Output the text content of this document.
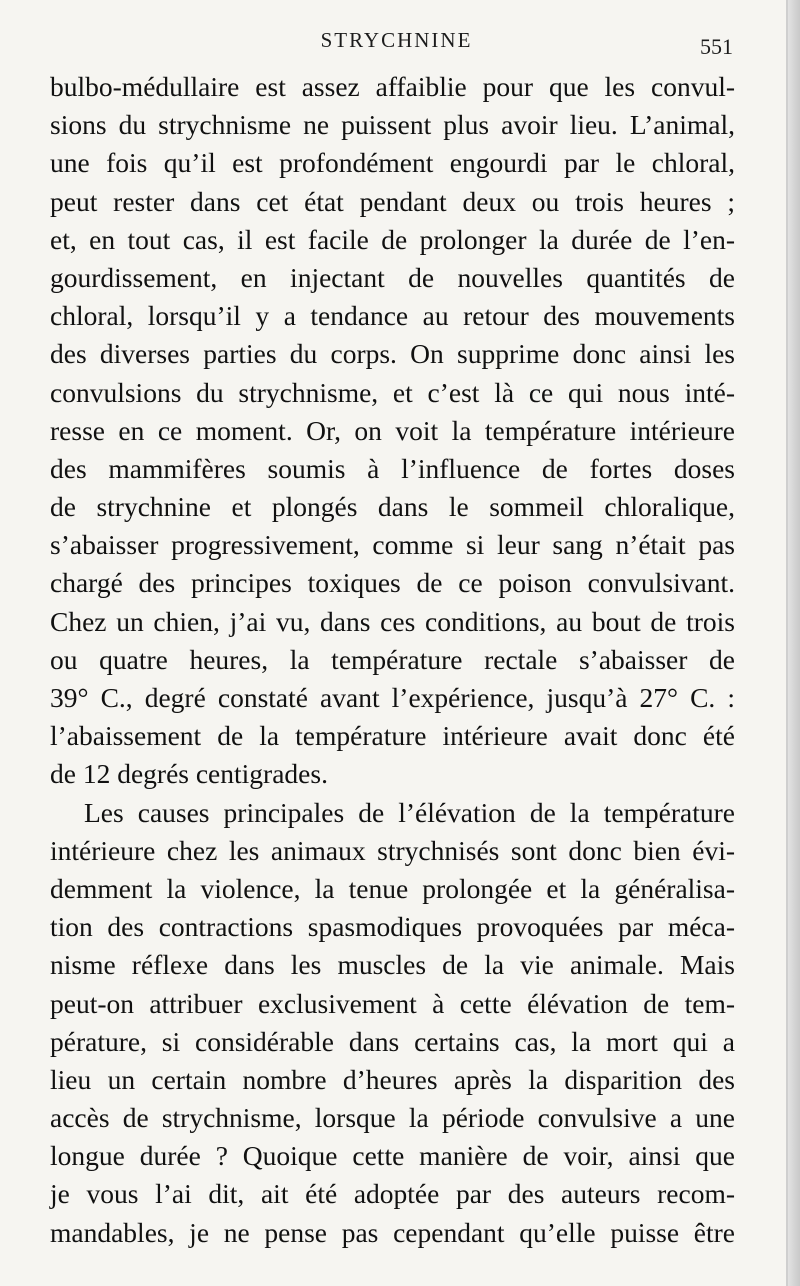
STRYCHNINE	551
bulbo-médullaire est assez affaiblie pour que les convul-
sions du strychnisme ne puissent plus avoir lieu. L’animal,
une fois qu’il est profondément engourdi par le chloral,
peut rester dans cet état pendant deux ou trois heures ;
et, en tout cas, il est facile de prolonger la durée de l’en-
gourdissement, en injectant de nouvelles quantités de
chloral, lorsqu’il y a tendance au retour des mouvements
des diverses parties du corps. On supprime donc ainsi les
convulsions du strychnisme, et c’est là ce qui nous inté-
resse en ce moment. Or, on voit la température intérieure
des mammifères soumis à l’influence de fortes doses
de strychnine et plongés dans le sommeil chloralique,
s’abaisser progressivement, comme si leur sang n’était pas
chargé des principes toxiques de ce poison convulsivant.
Chez un chien, j’ai vu, dans ces conditions, au bout de trois
ou quatre heures, la température rectale s’abaisser de
39° C., degré constaté avant l’expérience, jusqu’à 27° C. :
l’abaissement de la température intérieure avait donc été
de 12 degrés centigrades.
Les causes principales de l’élévation de la température
intérieure chez les animaux strychnisés sont donc bien évi-
demment la violence, la tenue prolongée et la généralisa-
tion des contractions spasmodiques provoquées par méca-
nisme réflexe dans les muscles de la vie animale. Mais
peut-on attribuer exclusivement à cette élévation de tem-
pérature, si considérable dans certains cas, la mort qui a
lieu un certain nombre d’heures après la disparition des
accès de strychnisme, lorsque la période convulsive a une
longue durée ? Quoique cette manière de voir, ainsi que
je vous l’ai dit, ait été adoptée par des auteurs recom-
mandables, je ne pense pas cependant qu’elle puisse être
